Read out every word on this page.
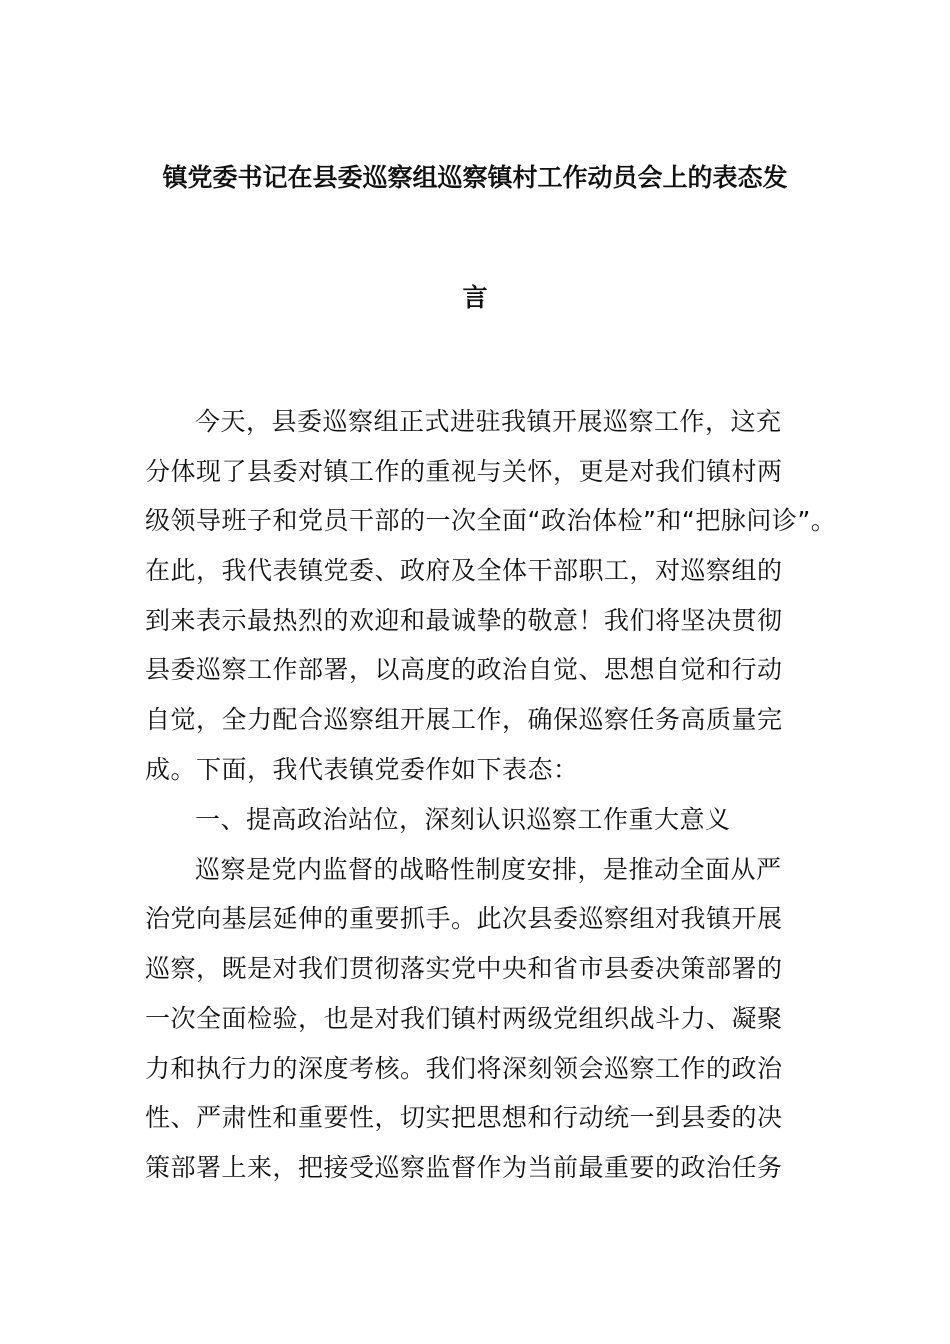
镇党委书记在县委巡察组巡察镇村工作动员会上的表态发
言
今天，县委巡察组正式进驻我镇开展巡察工作，这充
分体现了县委对镇工作的重视与关怀，更是对我们镇村两
级领导班子和党员干部的一次全面“政治体检”和“把脉问诊”。
在此，我代表镇党委、政府及全体干部职工，对巡察组的
到来表示最热烈的欢迎和最诚挚的敬意！我们将坚决贯彻
县委巡察工作部署，以高度的政治自觉、思想自觉和行动
自觉，全力配合巡察组开展工作，确保巡察任务高质量完
成。下面，我代表镇党委作如下表态：
一、提高政治站位，深刻认识巡察工作重大意义
巡察是党内监督的战略性制度安排，是推动全面从严
治党向基层延伸的重要抓手。此次县委巡察组对我镇开展
巡察，既是对我们贯彻落实党中央和省市县委决策部署的
一次全面检验，也是对我们镇村两级党组织战斗力、凝聚
力和执行力的深度考核。我们将深刻领会巡察工作的政治
性、严肃性和重要性，切实把思想和行动统一到县委的决
策部署上来，把接受巡察监督作为当前最重要的政治任务
